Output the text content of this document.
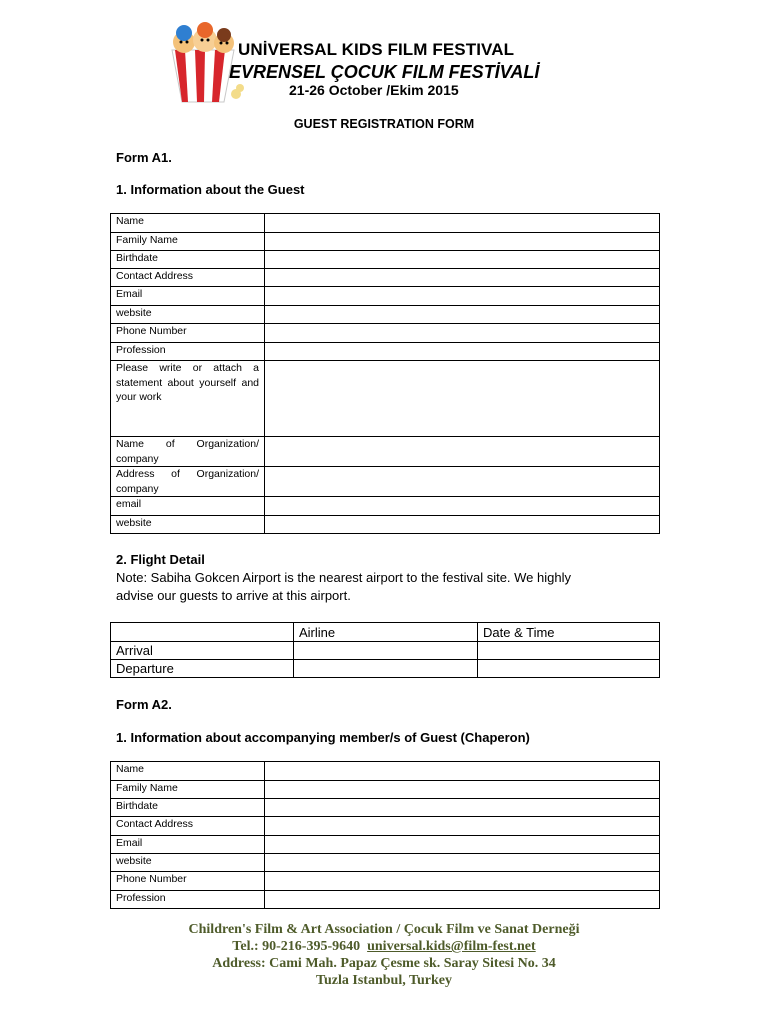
UNİVERSAL KIDS FILM FESTIVAL
EVRENSEL ÇOCUK FILM FESTİVALİ
21-26 October /Ekim 2015
GUEST REGISTRATION FORM
Form A1.
1. Information about the Guest
Name	
Family Name	
Birthdate	
Contact Address	
Email	
website	
Phone Number	
Profession	
Please write or attach a statement about yourself and your work	
Name of Organization/ company	
Address of Organization/ company	
email	
website	
2. Flight Detail
Note: Sabiha Gokcen Airport is the nearest airport to the festival site. We highly
advise our guests to arrive at this airport.
	Airline	Date & Time
Arrival		
Departure		
Form A2.
1. Information about accompanying member/s of Guest (Chaperon)
Name	
Family Name	
Birthdate	
Contact Address	
Email	
website	
Phone Number	
Profession	
Children's Film & Art Association / Çocuk Film ve Sanat Derneği
Tel.: 90-216-395-9640 universal.kids@film-fest.net
Address: Cami Mah. Papaz Çesme sk. Saray Sitesi No. 34
Tuzla Istanbul, Turkey
